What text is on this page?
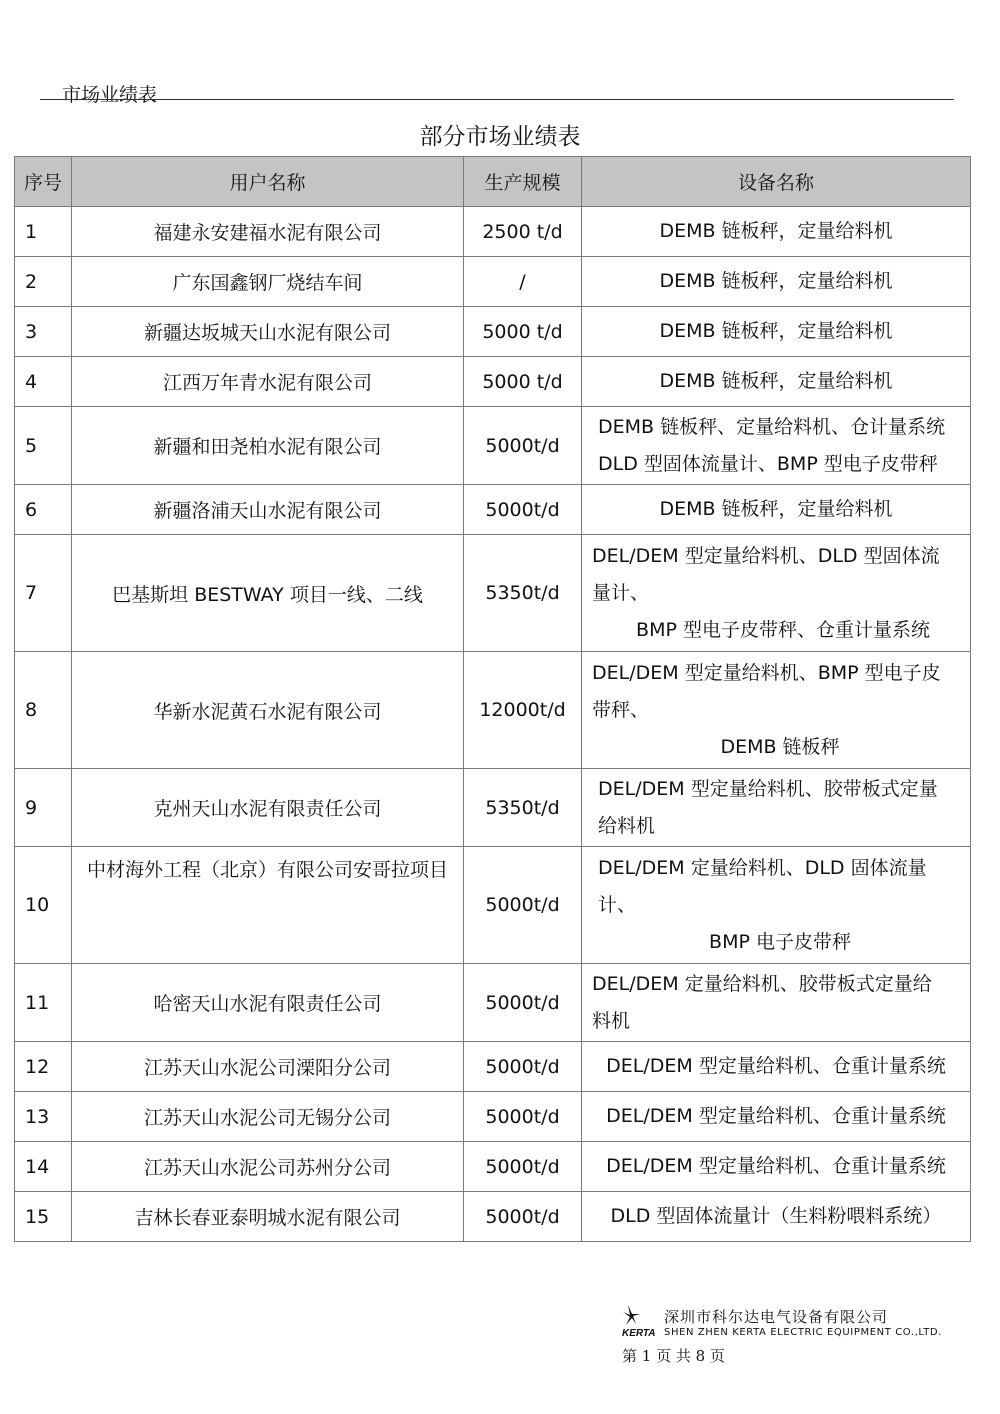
市场业绩表
部分市场业绩表
序号	用户名称	生产规模	设备名称
1	福建永安建福水泥有限公司	2500 t/d	DEMB 链板秤，定量给料机

2	广东国鑫钢厂烧结车间	/	DEMB 链板秤，定量给料机

3	新疆达坂城天山水泥有限公司	5000 t/d	DEMB 链板秤，定量给料机

4	江西万年青水泥有限公司	5000 t/d	DEMB 链板秤，定量给料机

5	新疆和田尧柏水泥有限公司	5000t/d	DEMB 链板秤、定量给料机、仓计量系统
DLD 型固体流量计、BMP 型电子皮带秤

6	新疆洛浦天山水泥有限公司	5000t/d	DEMB 链板秤，定量给料机

7	巴基斯坦 BESTWAY 项目一线、二线	5350t/d	DEL/DEM 型定量给料机、DLD 型固体流
量计、
BMP 型电子皮带秤、仓重计量系统

8	华新水泥黄石水泥有限公司	12000t/d	DEL/DEM 型定量给料机、BMP 型电子皮
带秤、
DEMB 链板秤

9	克州天山水泥有限责任公司	5350t/d	DEL/DEM 型定量给料机、胶带板式定量
给料机

10	中材海外工程（北京）有限公司安哥拉项目	5000t/d	DEL/DEM 定量给料机、DLD 固体流量
计、
BMP 电子皮带秤

11	哈密天山水泥有限责任公司	5000t/d	DEL/DEM 定量给料机、胶带板式定量给
料机

12	江苏天山水泥公司溧阳分公司	5000t/d	DEL/DEM 型定量给料机、仓重计量系统

13	江苏天山水泥公司无锡分公司	5000t/d	DEL/DEM 型定量给料机、仓重计量系统

14	江苏天山水泥公司苏州分公司	5000t/d	DEL/DEM 型定量给料机、仓重计量系统

15	吉林长春亚泰明城水泥有限公司	5000t/d	DLD 型固体流量计（生料粉喂料系统）
KERTA
深圳市科尔达电气设备有限公司
SHEN ZHEN KERTA ELECTRIC EQUIPMENT CO.,LTD.
第 1 页 共 8 页
